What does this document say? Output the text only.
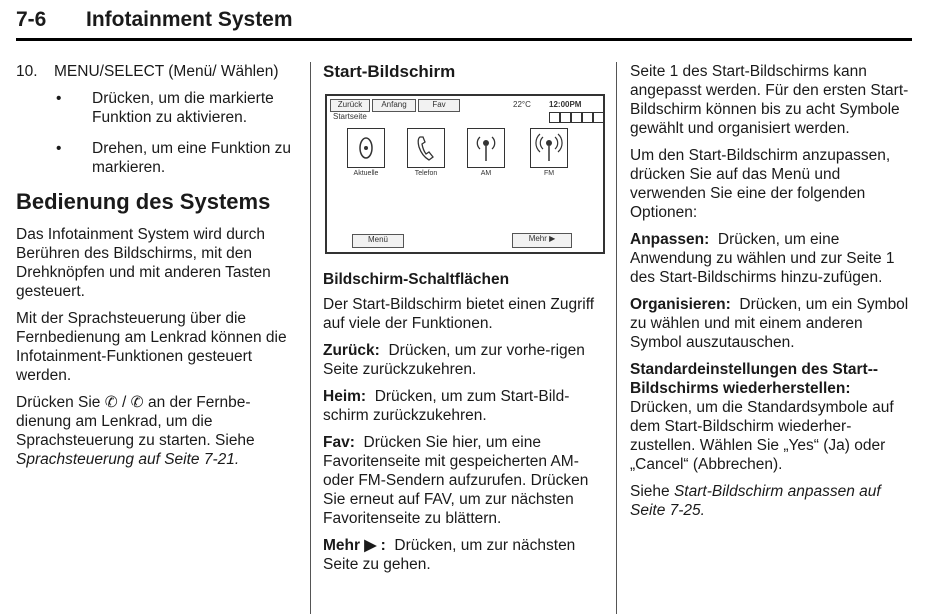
7-6 Infotainment System
10. MENU/SELECT (Menü/ Wählen)
• Drücken, um die markierte Funktion zu aktivieren.
• Drehen, um eine Funktion zu markieren.
Bedienung des Systems

Das Infotainment System wird durch Berühren des Bildschirms, mit den Drehknöpfen und mit anderen Tasten gesteuert.

Mit der Sprachsteuerung über die Fernbedienung am Lenkrad können die Infotainment-Funktionen gesteuert werden.

Drücken Sie ✆ / ✆ an der Fernbe-dienung am Lenkrad, um die Sprachsteuerung zu starten. Siehe Sprachsteuerung auf Seite 7-21.

Start-Bildschirm
Zurück	Anfang	Fav	22°C 12:00PM
Startseite
Aktuelle	Telefon	AM	FM
Menü	Mehr ▶
Bildschirm-Schaltflächen

Der Start-Bildschirm bietet einen Zugriff auf viele der Funktionen.

Zurück: Drücken, um zur vorhe-rigen Seite zurückzukehren.

Heim: Drücken, um zum Start-Bild-schirm zurückzukehren.

Fav: Drücken Sie hier, um eine Favoritenseite mit gespeicherten AM- oder FM-Sendern aufzurufen. Drücken Sie erneut auf FAV, um zur nächsten Favoritenseite zu blättern.

Mehr ▶ : Drücken, um zur nächsten Seite zu gehen.

Seite 1 des Start-Bildschirms kann angepasst werden. Für den ersten Start-Bildschirm können bis zu acht Symbole gewählt und organisiert werden.

Um den Start-Bildschirm anzupassen, drücken Sie auf das Menü und verwenden Sie eine der folgenden Optionen:

Anpassen: Drücken, um eine Anwendung zu wählen und zur Seite 1 des Start-Bildschirms hinzu-zufügen.

Organisieren: Drücken, um ein Symbol zu wählen und mit einem anderen Symbol auszutauschen.

Standardeinstellungen des Start-- Bildschirms wiederherstellen:
Drücken, um die Standardsymbole auf dem Start-Bildschirm wiederher-zustellen. Wählen Sie „Yes“ (Ja) oder „Cancel“ (Abbrechen).

Siehe Start-Bildschirm anpassen auf Seite 7-25.
